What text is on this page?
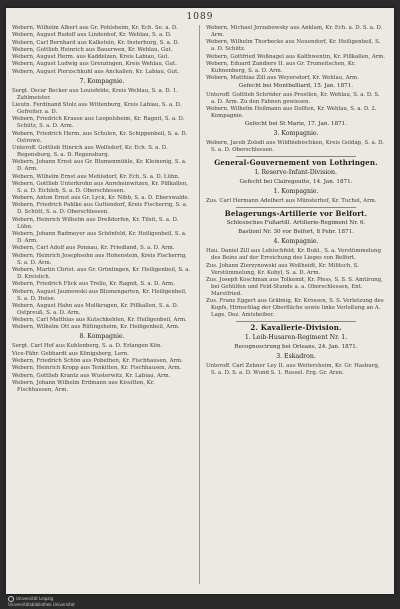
1089
Webern, Wilhelm Albert aus Gr. Pohlsheim, Kr. Ech. Se. a. D.
Webern, August Rudolf aus Lindenhof, Kr. Wehlau, S. a. D.
Webern, Carl Bernhard aus Kalkstein, Kr. Insterburg, S. a. D.
Webern, Gottlieb Heinrich aus Bauerwen, Kr. Wehlau, Gut.
Webern, August Herm. aus Kaddelzen, Kreis Labiau, Gut.
Webern, August Ludwig aus Grenzingen, Kreis Wehlau, Gut.
Webern, August Pierzschkuhl aus Anckallen, Kr. Labiau, Gut.
7. Kompagnie.
Sergt. Oscar Becker aus Louisfelde, Kreis Wehlau, S. a. D. 1. Zahlmeister.
Lieutn. Ferdinand Stolz aus Wittenburg, Kreis Labiau, S. a. D. Gefreiter. a. D.
Webern, Friedrich Krause aus Leopolsheim, Kr. Ragnit, S. a. D. Schütz, S. a. D. Arm.
Webern, Friedrich Herm. aus Schulen, Kr. Schippenbeil, S. a. D. Ostrowe.
Unteroff. Gottlieb Hinrich aus Wolfsdorf, Kr. Ech. S. a. D. Regensburg, S. a. D. Regensburg.
Webern, Johann Ernst aus Gr. Blumenmühle, Kr. Kleinenig, S. a. D. Arm.
Webern, Wilhelm Ernst aus Mehlsdorf, Kr. Ech. S. a. D. Lühn.
Webern, Gottlieb Unterkrohn aus Anreheinwitzen, Kr. Pillkallen, S. a. D. Eichleb, S. a. D. Oberschlessen.
Webern, Anton Ernst aus Gr. Lyck, Kr. Nibb, S. a. D. Eberswalde.
Webern, Friedrich Pahlke aus Guttendorf, Kreis Fischerrig, S. a. D. Schütt, S. a. D. Oberschlessen.
Webern, Heinrich Wilhelm aus Dreßdorfen, Kr. Tilsit, S. a. D. Lühn.
Webern, Johann Radmeyer aus Schönfeld, Kr. Heiligenbeil, S. a. D. Arm.
Webern, Carl Adolf aus Ponnau, Kr. Friedland, S. a. D. Arm.
Webern, Heinrich Josephsohn aus Hohenstein, Kreis Fischerrig, S. a. D. Arm.
Webern, Martin Christ. aus Gr. Grünlingen, Kr. Heiligenbeil, S. a. D. Kreislich.
Webern, Friedrich Flick aus Trelle, Kr. Ragnit, S. a. D. Arm.
Webern, August Jaumowski aus Blumengarten, Kr. Heiligenbeil, S. a. D. Heise.
Webern, August Hahn aus Moltkrugen, Kr. Pillkallen, S. a. D. Ostpreuß, S. a. D. Arm.
Webern, Carl Matthias aus Kutschkehlen, Kr. Heiligenbeil, Arm.
Webern, Wilhelm Ott aus Rütingsheim, Kr. Heiligenbeil, Arm.
8. Kompagnie.
Sergt. Carl Hof aus Kuhlenberg, S. a. D. Erlangen Kön.
Vice-Fähr. Gebhardt aus Königsberg, Lern.
Webern, Friedrich Schön aus Pobethen, Kr. Fischhausen, Arm.
Webern, Heinrich Kropp aus Tenkitten, Kr. Fischhausen, Arm.
Webern, Gottlieb Krantz aus Wusterwitz, Kr. Labiau, Arm.
Webern, Johann Wilhelm Erdmann aus Kissitten, Kr. Fischhausen, Arm.
Webern, Michael Jorzabowsky aus Anklam, Kr. Ech. a. D. S. a. D. Arm.
Webern, Wilhelm Thorbecke aus Neuendorf, Kr. Heiligenbeil, S. a. D. Schütz.
Webern, Gottfried Woßnagel aus Kalthwentin, Kr. Pillkallen, Arm.
Webern, Eduard Zandiers II. aus Gr. Trumeitschen, Kr. Kuhnenberg, S. a. D. Arm.
Webern, Matthias Zill aus Weyersdorf, Kr. Wehlau, Arm.
Gefecht bei Montbelliard, 15. Jan. 1871.
Unteroff. Gottlieb Schröder aus Prostlen, Kr. Wehlau, S. a. D. S. a. D. Arm. Zu den Fahnen gewiesen.
Webern, Wilhelm Heilmann aus Dollten, Kr. Wehlau, S. a. D. 2. Kompagnie.
Gefecht bei St Marie, 17. Jan. 1871.
3. Kompagnie.
Webern, Jacob Zolodi aus Wildbiebischken, Kreis Goldap, S. a. D. S. a. D. Oberschlessen.
General-Gouvernement von Lothringen.
I. Reserve-Infant-Division.
Gefecht bei Clairegoutte, 14. Jan. 1871.
1. Kompagnie.
Zus. Carl Hermann Adelbert aus Münsterhof, Kr. Tuchel, Arm.
Belagerungs-Artillerie vor Belfort.
Schlesisches Fußartill. Artillerie-Regiment Nr. 6.
Bastionl Nr. 30 vor Belfort, 8 Febr. 1871.
4. Kompagnie.
Hau. Daniel Zill aus Lubischfeld, Kr. Bukl., S. a. Verstümmelung des Beins auf der Erreichung des Lieges von Belfort.
Zus. Johann Zierzynowski aus Woßheidt, Kr. Militsch, S. Verstümmelung, Kr. Kobyl, S. a. D. Arm.
Zus. Joseph Koschman aus Tolkemit, Kr. Pless, S. S. S. Amtirung, bei Gehülfen und Feld-Stunde a. a. Oberschlessen, Ent. Marstfried.
Zus. Franz Eggert aus Gräbnig, Kr. Krossen, S. S. Verletzung des Kopfs, Hirnschlag der Oberfläche sowie linke Verleßung an A. Lage, Dez. Amtsbeiber.
2. Kavallerie-Division.
1. Leib-Husaren-Regiment Nr. 1.
Recognoscirung bei Orleans, 24. Jan. 1871.
3. Eskadron.
Unteroff. Carl Zehner Ley II. aus Weitersheim, Kr. Gr. Hasburg, S. a. D. S. a. D. Wund S. 1. Russel. Erg. Gr. Aren.
Universität Leipzig
Universitätsbibliothek Universitat
